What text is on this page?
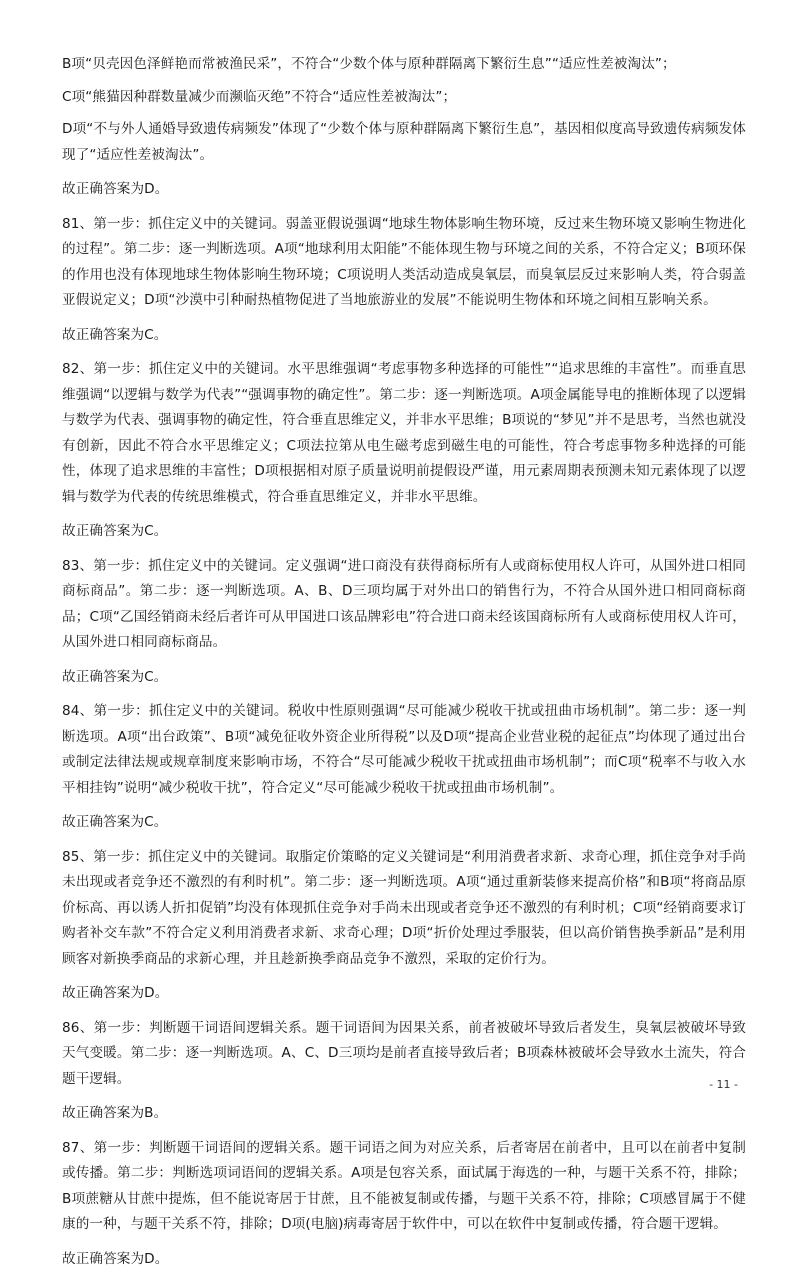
B项“贝壳因色泽鲜艳而常被渔民采”，不符合“少数个体与原种群隔离下繁衍生息”“适应性差被淘汰”；

C项“熊猫因种群数量减少而濒临灭绝”不符合“适应性差被淘汰”；

D项“不与外人通婚导致遗传病频发”体现了“少数个体与原种群隔离下繁衍生息”，基因相似度高导致遗传病频发体现了“适应性差被淘汰”。

故正确答案为D。

81、第一步：抓住定义中的关键词。弱盖亚假说强调“地球生物体影响生物环境，反过来生物环境又影响生物进化的过程”。第二步：逐一判断选项。A项“地球利用太阳能”不能体现生物与环境之间的关系，不符合定义；B项环保的作用也没有体现地球生物体影响生物环境；C项说明人类活动造成臭氧层，而臭氧层反过来影响人类，符合弱盖亚假说定义；D项“沙漠中引种耐热植物促进了当地旅游业的发展”不能说明生物体和环境之间相互影响关系。

故正确答案为C。

82、第一步：抓住定义中的关键词。水平思维强调“考虑事物多种选择的可能性”“追求思维的丰富性”。而垂直思维强调“以逻辑与数学为代表”“强调事物的确定性”。第二步：逐一判断选项。A项金属能导电的推断体现了以逻辑与数学为代表、强调事物的确定性，符合垂直思维定义，并非水平思维；B项说的“梦见”并不是思考，当然也就没有创新，因此不符合水平思维定义；C项法拉第从电生磁考虑到磁生电的可能性，符合考虑事物多种选择的可能性，体现了追求思维的丰富性；D项根据相对原子质量说明前提假设严谨，用元素周期表预测未知元素体现了以逻辑与数学为代表的传统思维模式，符合垂直思维定义，并非水平思维。

故正确答案为C。

83、第一步：抓住定义中的关键词。定义强调“进口商没有获得商标所有人或商标使用权人许可，从国外进口相同商标商品”。第二步：逐一判断选项。A、B、D三项均属于对外出口的销售行为，不符合从国外进口相同商标商品；C项“乙国经销商未经后者许可从甲国进口该品牌彩电”符合进口商未经该国商标所有人或商标使用权人许可，从国外进口相同商标商品。

故正确答案为C。

84、第一步：抓住定义中的关键词。税收中性原则强调“尽可能减少税收干扰或扭曲市场机制”。第二步：逐一判断选项。A项“出台政策”、B项“减免征收外资企业所得税”以及D项“提高企业营业税的起征点”均体现了通过出台或制定法律法规或规章制度来影响市场，不符合“尽可能减少税收干扰或扭曲市场机制”；而C项“税率不与收入水平相挂钩”说明“减少税收干扰”，符合定义“尽可能减少税收干扰或扭曲市场机制”。

故正确答案为C。

85、第一步：抓住定义中的关键词。取脂定价策略的定义关键词是“利用消费者求新、求奇心理，抓住竞争对手尚未出现或者竞争还不激烈的有利时机”。第二步：逐一判断选项。A项“通过重新装修来提高价格”和B项“将商品原价标高、再以诱人折扣促销”均没有体现抓住竞争对手尚未出现或者竞争还不激烈的有利时机；C项“经销商要求订购者补交车款”不符合定义利用消费者求新、求奇心理；D项“折价处理过季服装，但以高价销售换季新品”是利用顾客对新换季商品的求新心理，并且趁新换季商品竞争不激烈，采取的定价行为。

故正确答案为D。

86、第一步：判断题干词语间逻辑关系。题干词语间为因果关系，前者被破坏导致后者发生，臭氧层被破坏导致天气变暖。第二步：逐一判断选项。A、C、D三项均是前者直接导致后者；B项森林被破坏会导致水土流失，符合题干逻辑。

故正确答案为B。

87、第一步：判断题干词语间的逻辑关系。题干词语之间为对应关系，后者寄居在前者中，且可以在前者中复制或传播。第二步：判断选项词语间的逻辑关系。A项是包容关系，面试属于海选的一种，与题干关系不符，排除；B项蔗糖从甘蔗中提炼，但不能说寄居于甘蔗，且不能被复制或传播，与题干关系不符，排除；C项感冒属于不健康的一种，与题干关系不符，排除；D项(电脑)病毒寄居于软件中，可以在软件中复制或传播，符合题干逻辑。

故正确答案为D。

- 11 -
